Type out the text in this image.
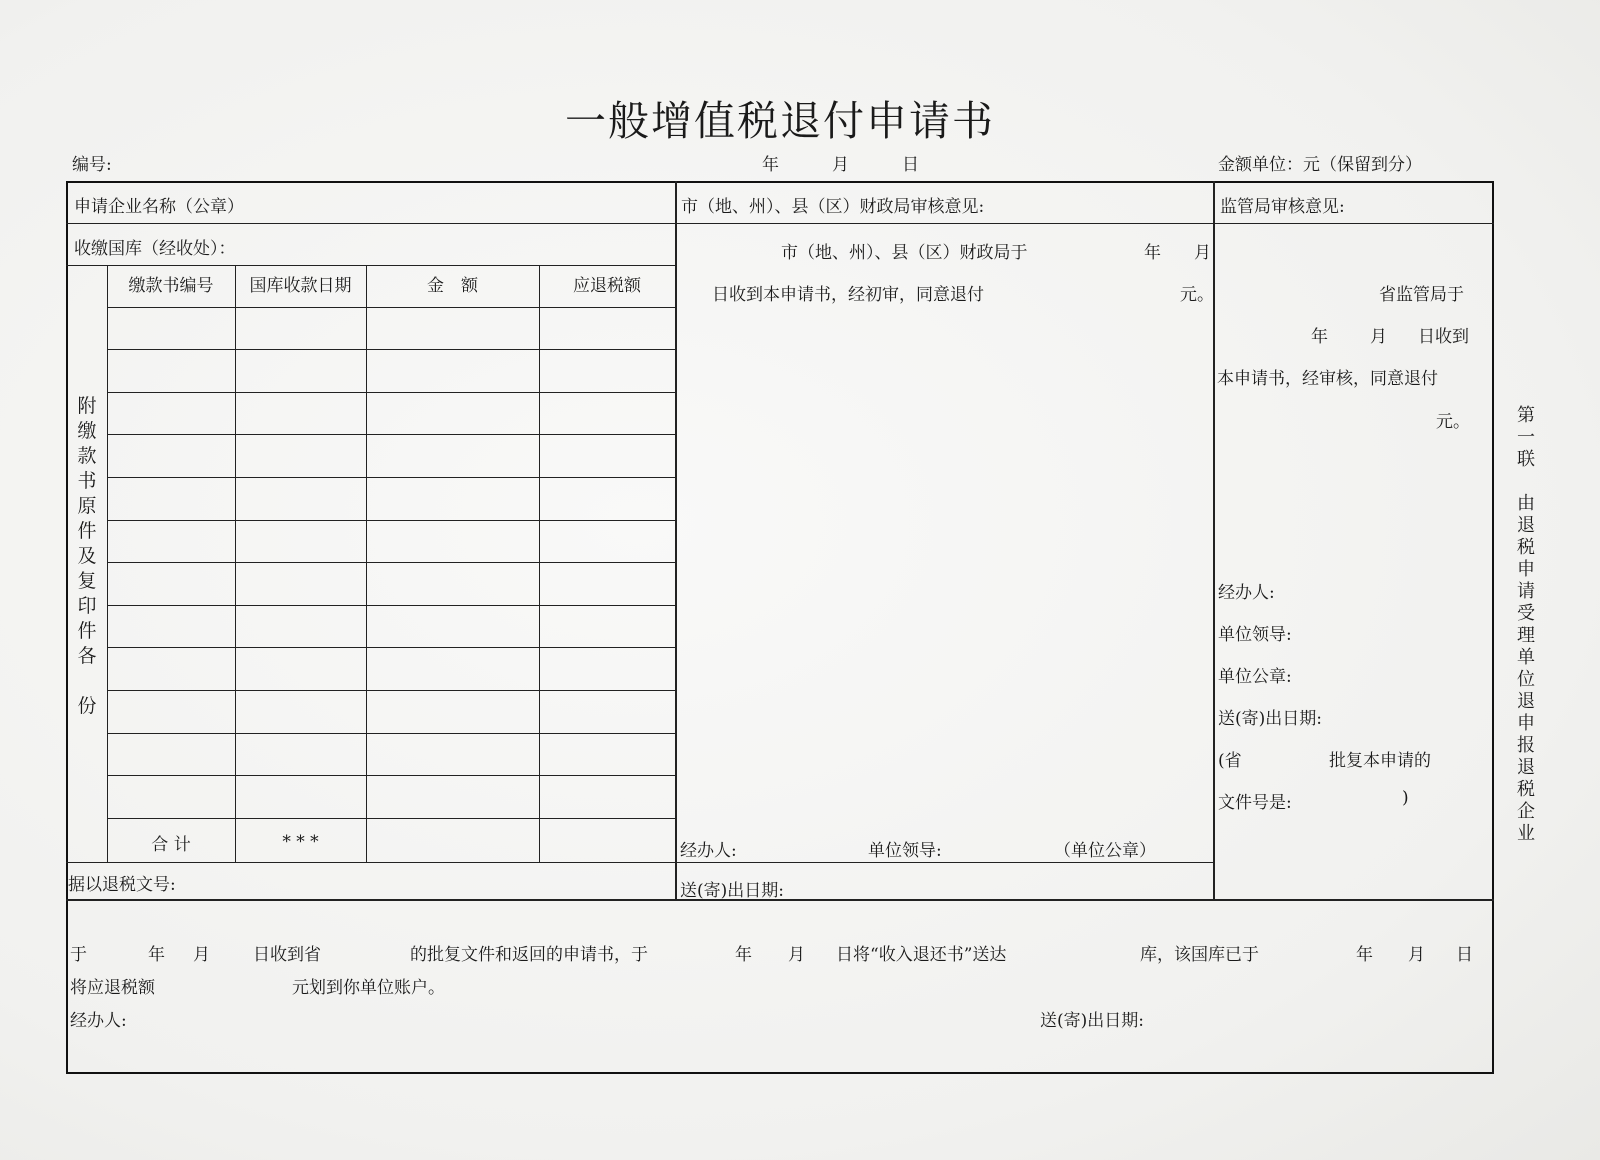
一般增值税退付申请书
编号:	年	月	日	金额单位：元（保留到分）
申请企业名称（公章）
收缴国库（经收处）：
缴款书编号	国库收款日期	金　额	应退税额
附
缴
款
书
原
件
及
复
印
件
各
份
合 计	* * *
据以退税文号:
市（地、州）、县（区）财政局审核意见:
市（地、州）、县（区）财政局于	年 月
日收到本申请书，经初审，同意退付	元。
经办人:	单位领导:	（单位公章）
送(寄)出日期:
监管局审核意见:
省监管局于
年 月 日收到
本申请书，经审核，同意退付
元。
经办人:
单位领导:
单位公章:
送(寄)出日期:
(省	批复本申请的
文件号是:	)
于	年 月	日收到省	的批复文件和返回的申请书，于	年 月 日将“收入退还书”送达	库，该国库已于	年 月 日
将应退税额	元划到你单位账户。
经办人:	送(寄)出日期:
第
一
联
由
退
税
申
请
受
理
单
位
退
申
报
退
税
企
业
